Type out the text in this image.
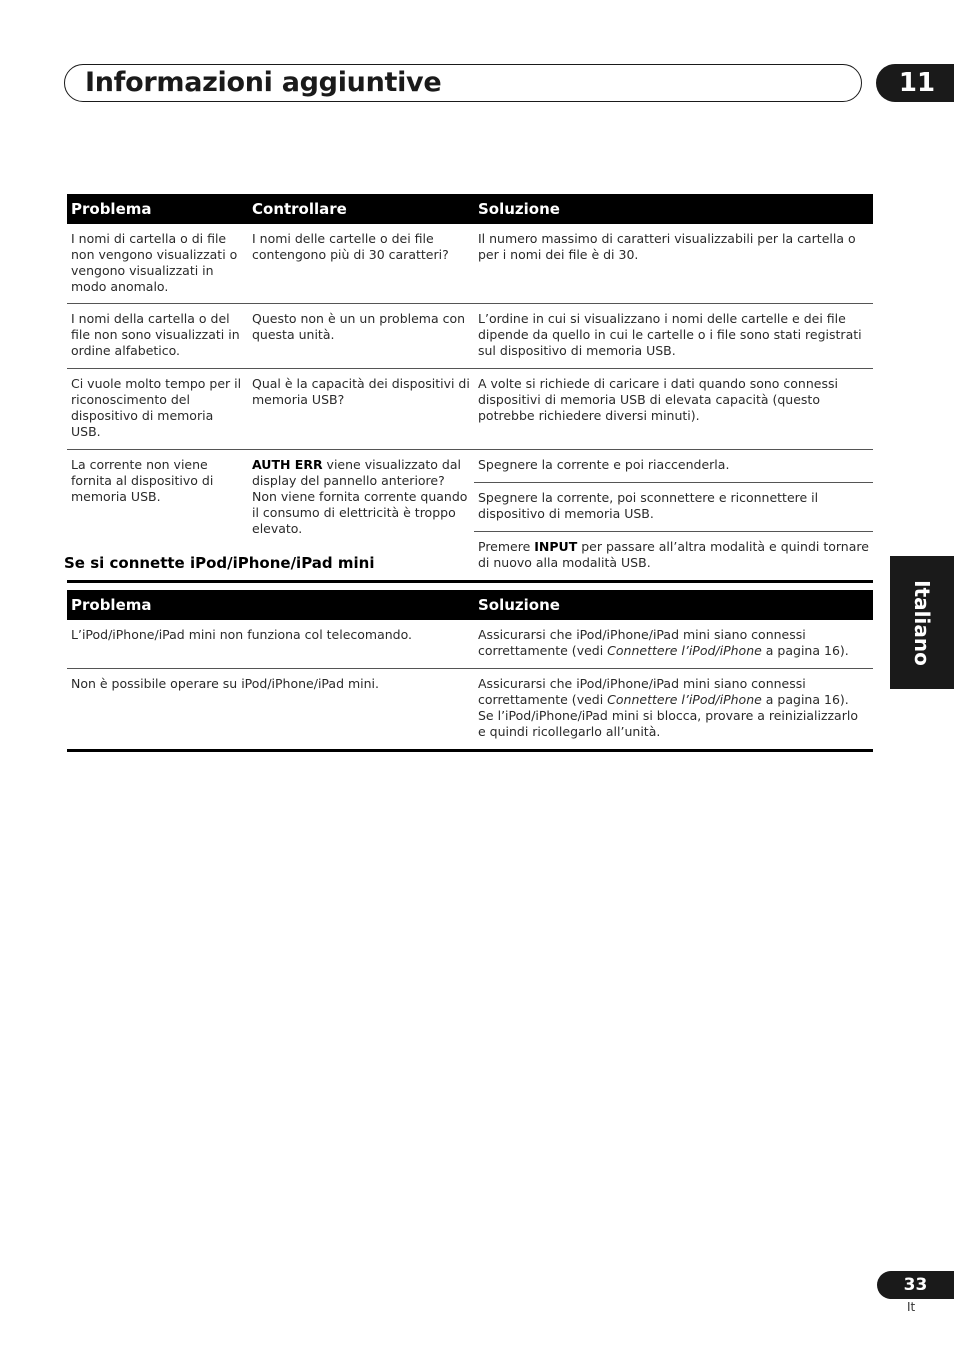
Informazioni aggiuntive	11
Problema	Controllare	Soluzione
I nomi di cartella o di file non vengono visualizzati o vengono visualizzati in modo anomalo.	I nomi delle cartelle o dei file contengono più di 30 caratteri?	Il numero massimo di caratteri visualizzabili per la cartella o per i nomi dei file è di 30.
I nomi della cartella o del file non sono visualizzati in ordine alfabetico.	Questo non è un un problema con questa unità.	L’ordine in cui si visualizzano i nomi delle cartelle e dei file dipende da quello in cui le cartelle o i file sono stati registrati sul dispositivo di memoria USB.
Ci vuole molto tempo per il riconoscimento del dispositivo di memoria USB.	Qual è la capacità dei dispositivi di memoria USB?	A volte si richiede di caricare i dati quando sono connessi dispositivi di memoria USB di elevata capacità (questo potrebbe richiedere diversi minuti).
La corrente non viene fornita al dispositivo di memoria USB.	AUTH ERR viene visualizzato dal display del pannello anteriore? Non viene fornita corrente quando il consumo di elettricità è troppo elevato.	Spegnere la corrente e poi riaccenderla.
		Spegnere la corrente, poi sconnettere e riconnettere il dispositivo di memoria USB.
		Premere INPUT per passare all’altra modalità e quindi tornare di nuovo alla modalità USB.
Se si connette iPod/iPhone/iPad mini
Problema	Soluzione
L’iPod/iPhone/iPad mini non funziona col telecomando.	Assicurarsi che iPod/iPhone/iPad mini siano connessi correttamente (vedi Connettere l’iPod/iPhone a pagina 16).
Non è possibile operare su iPod/iPhone/iPad mini.	Assicurarsi che iPod/iPhone/iPad mini siano connessi correttamente (vedi Connettere l’iPod/iPhone a pagina 16).
Se l’iPod/iPhone/iPad mini si blocca, provare a reinizializzarlo e quindi ricollegarlo all’unità.
Italiano
33
It
